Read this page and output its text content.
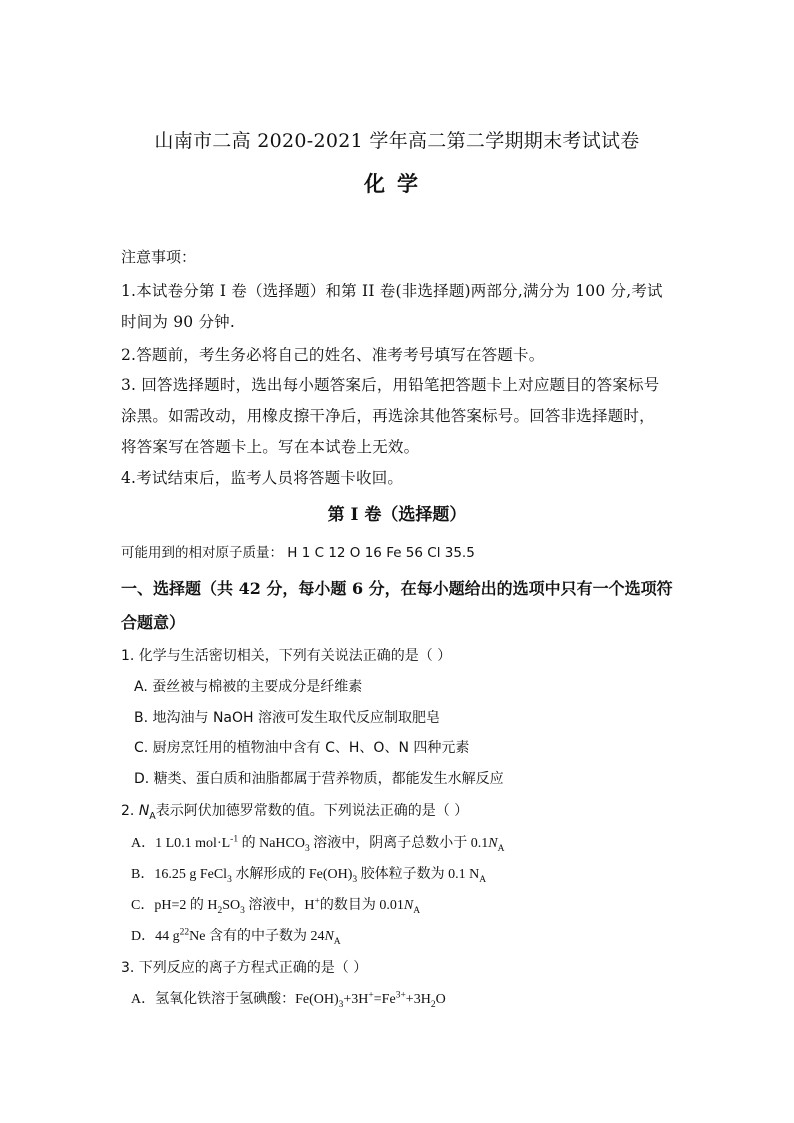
山南市二高 2020-2021 学年高二第二学期期末考试试卷
化学
注意事项：
1.本试卷分第 I 卷（选择题）和第 II 卷(非选择题)两部分,满分为 100 分,考试
时间为 90 分钟.
2.答题前，考生务必将自己的姓名、准考考号填写在答题卡。
3. 回答选择题时，选出每小题答案后，用铅笔把答题卡上对应题目的答案标号
涂黑。如需改动，用橡皮擦干净后，再选涂其他答案标号。回答非选择题时，
将答案写在答题卡上。写在本试卷上无效。
4.考试结束后，监考人员将答题卡收回。
第 Ⅰ 卷（选择题）
可能用到的相对原子质量： H 1 C 12 O 16 Fe 56 Cl 35.5
一、选择题（共 42 分，每小题 6 分，在每小题给出的选项中只有一个选项符
合题意）
1. 化学与生活密切相关，下列有关说法正确的是（ ）
A. 蚕丝被与棉被的主要成分是纤维素
B. 地沟油与 NaOH 溶液可发生取代反应制取肥皂
C. 厨房烹饪用的植物油中含有 C、H、O、N 四种元素
D. 糖类、蛋白质和油脂都属于营养物质，都能发生水解反应
2. $N_A$表示阿伏加德罗常数的值。下列说法正确的是（ ）
A．1 L0.1 $mol\cdot L^{-1}$ 的 NaHCO$_3$ 溶液中，阴离子总数小于 $0.1N_A$
B．16.25 g FeCl$_3$ 水解形成的 $Fe(OH)_3$ 胶体粒子数为 0.1 $N_A$
C．pH=2 的 $H_2SO_3$ 溶液中，H+的数目为 $0.01N_A$
D．44 $g^{22}Ne$ 含有的中子数为 $24N_A$
3. 下列反应的离子方程式正确的是（ ）
A．氢氧化铁溶于氢碘酸：$Fe(OH)_3+3H^+=Fe^{3+}+3H_2O$
